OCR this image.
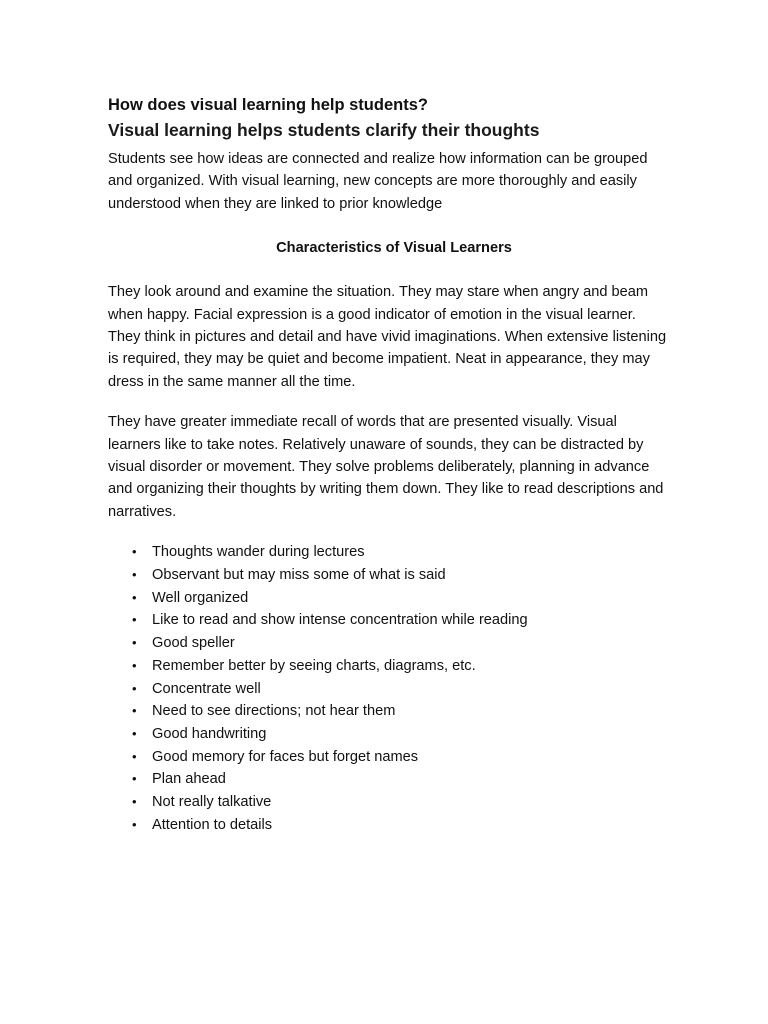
How does visual learning help students?
Visual learning helps students clarify their thoughts

Students see how ideas are connected and realize how information can be grouped and organized. With visual learning, new concepts are more thoroughly and easily understood when they are linked to prior knowledge

Characteristics of Visual Learners

They look around and examine the situation. They may stare when angry and beam when happy. Facial expression is a good indicator of emotion in the visual learner. They think in pictures and detail and have vivid imaginations. When extensive listening is required, they may be quiet and become impatient. Neat in appearance, they may dress in the same manner all the time.

They have greater immediate recall of words that are presented visually. Visual learners like to take notes. Relatively unaware of sounds, they can be distracted by visual disorder or movement. They solve problems deliberately, planning in advance and organizing their thoughts by writing them down. They like to read descriptions and narratives.

• Thoughts wander during lectures
• Observant but may miss some of what is said
• Well organized
• Like to read and show intense concentration while reading
• Good speller
• Remember better by seeing charts, diagrams, etc.
• Concentrate well
• Need to see directions; not hear them
• Good handwriting
• Good memory for faces but forget names
• Plan ahead
• Not really talkative
• Attention to details
